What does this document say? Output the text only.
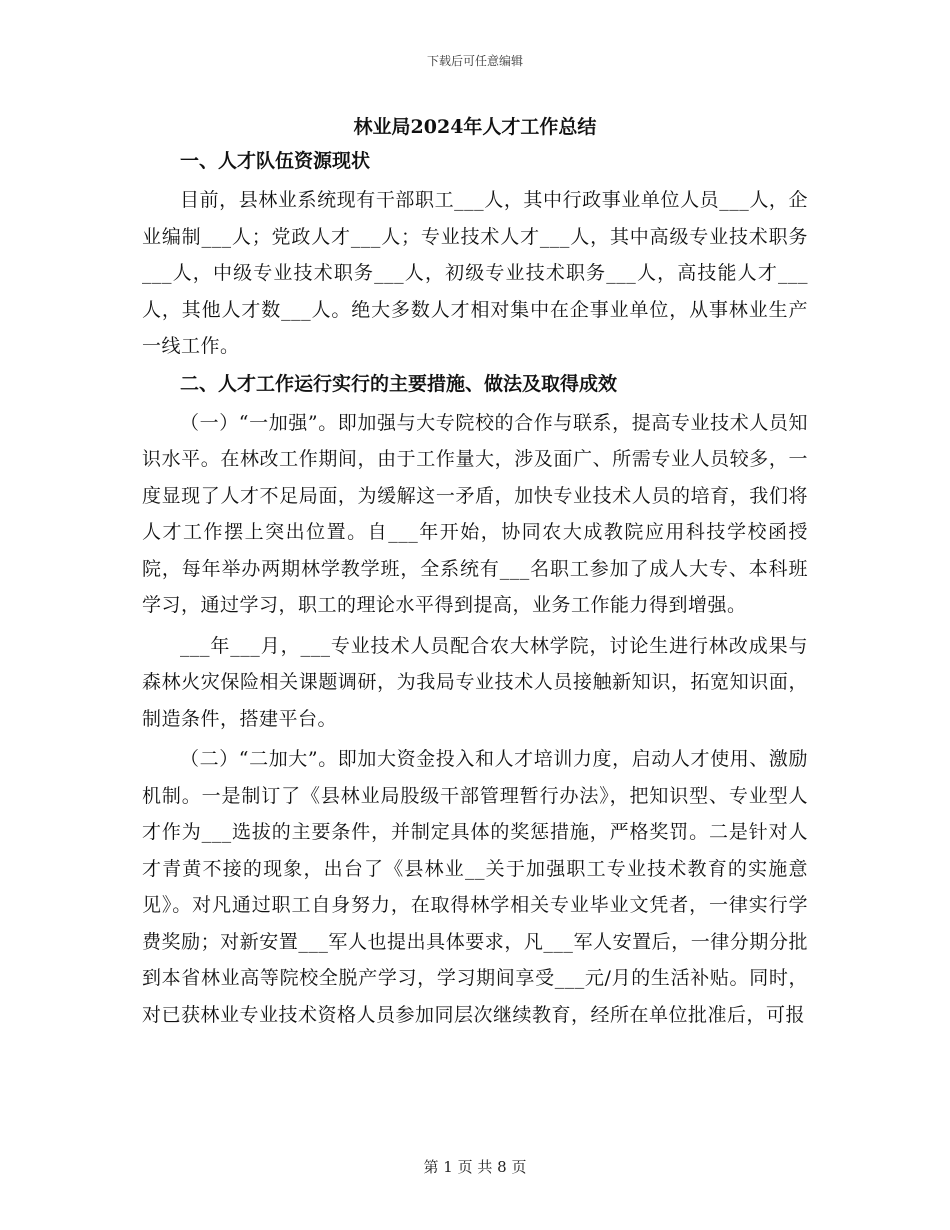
下载后可任意编辑
林业局2024年人才工作总结
一、人才队伍资源现状

目前，县林业系统现有干部职工___人，其中行政事业单位人员___人，企业编制___人；党政人才___人；专业技术人才___人，其中高级专业技术职务___人，中级专业技术职务___人，初级专业技术职务___人，高技能人才___人，其他人才数___人。绝大多数人才相对集中在企事业单位，从事林业生产一线工作。

二、人才工作运行实行的主要措施、做法及取得成效

（一）“一加强”。即加强与大专院校的合作与联系，提高专业技术人员知识水平。在林改工作期间，由于工作量大，涉及面广、所需专业人员较多，一度显现了人才不足局面，为缓解这一矛盾，加快专业技术人员的培育，我们将人才工作摆上突出位置。自___年开始，协同农大成教院应用科技学校函授院，每年举办两期林学教学班，全系统有___名职工参加了成人大专、本科班学习，通过学习，职工的理论水平得到提高，业务工作能力得到增强。

___年___月，___专业技术人员配合农大林学院，讨论生进行林改成果与森林火灾保险相关课题调研，为我局专业技术人员接触新知识，拓宽知识面，制造条件，搭建平台。

（二）“二加大”。即加大资金投入和人才培训力度，启动人才使用、激励机制。一是制订了《县林业局股级干部管理暂行办法》，把知识型、专业型人才作为___选拔的主要条件，并制定具体的奖惩措施，严格奖罚。二是针对人才青黄不接的现象，出台了《县林业__关于加强职工专业技术教育的实施意见》。对凡通过职工自身努力，在取得林学相关专业毕业文凭者，一律实行学费奖励；对新安置___军人也提出具体要求，凡___军人安置后，一律分期分批到本省林业高等院校全脱产学习，学习期间享受___元/月的生活补贴。同时，对已获林业专业技术资格人员参加同层次继续教育，经所在单位批准后，可报

第 1 页 共 8 页
